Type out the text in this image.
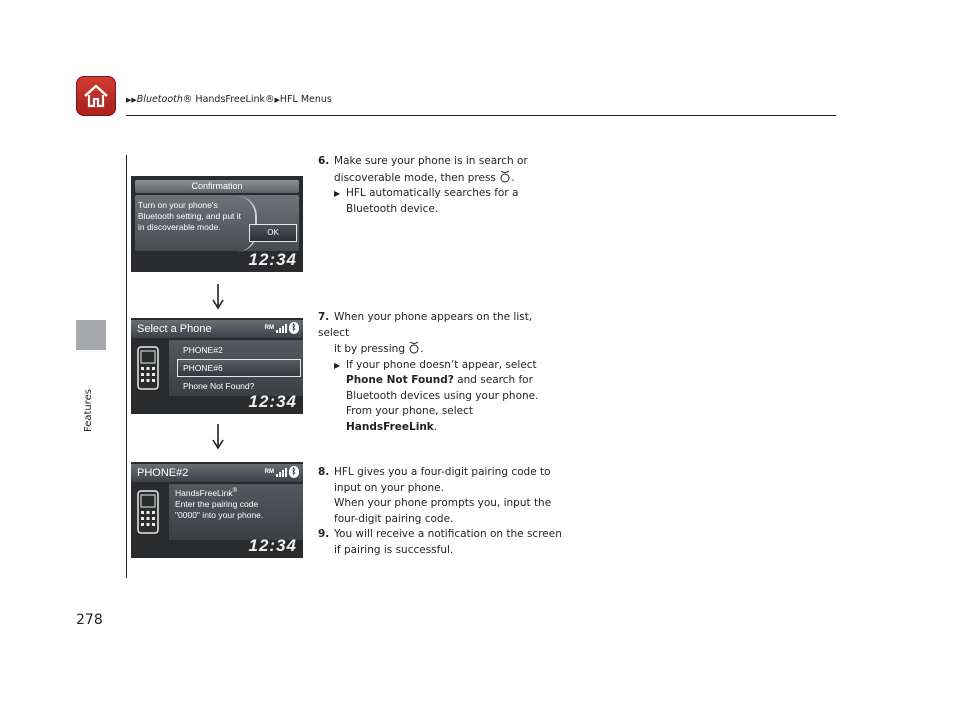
▶▶Bluetooth® HandsFreeLink®▶HFL Menus
Features
278
Confirmation
Turn on your phone's Bluetooth setting, and put it in discoverable mode.
OK
12:34
Select a Phone	RM	ᛒ
PHONE#2
PHONE#6
Phone Not Found?
12:34
PHONE#2	RM	ᛒ
HandsFreeLink®
Enter the pairing code
"0000" into your phone.
12:34
6. Make sure your phone is in search or
discoverable mode, then press .
▶ HFL automatically searches for a
Bluetooth device.
7. When your phone appears on the list, select
it by pressing .
▶ If your phone doesn’t appear, select
Phone Not Found? and search for
Bluetooth devices using your phone.
From your phone, select
HandsFreeLink.
8. HFL gives you a four-digit pairing code to
input on your phone.
When your phone prompts you, input the
four-digit pairing code.
9. You will receive a notification on the screen
if pairing is successful.
